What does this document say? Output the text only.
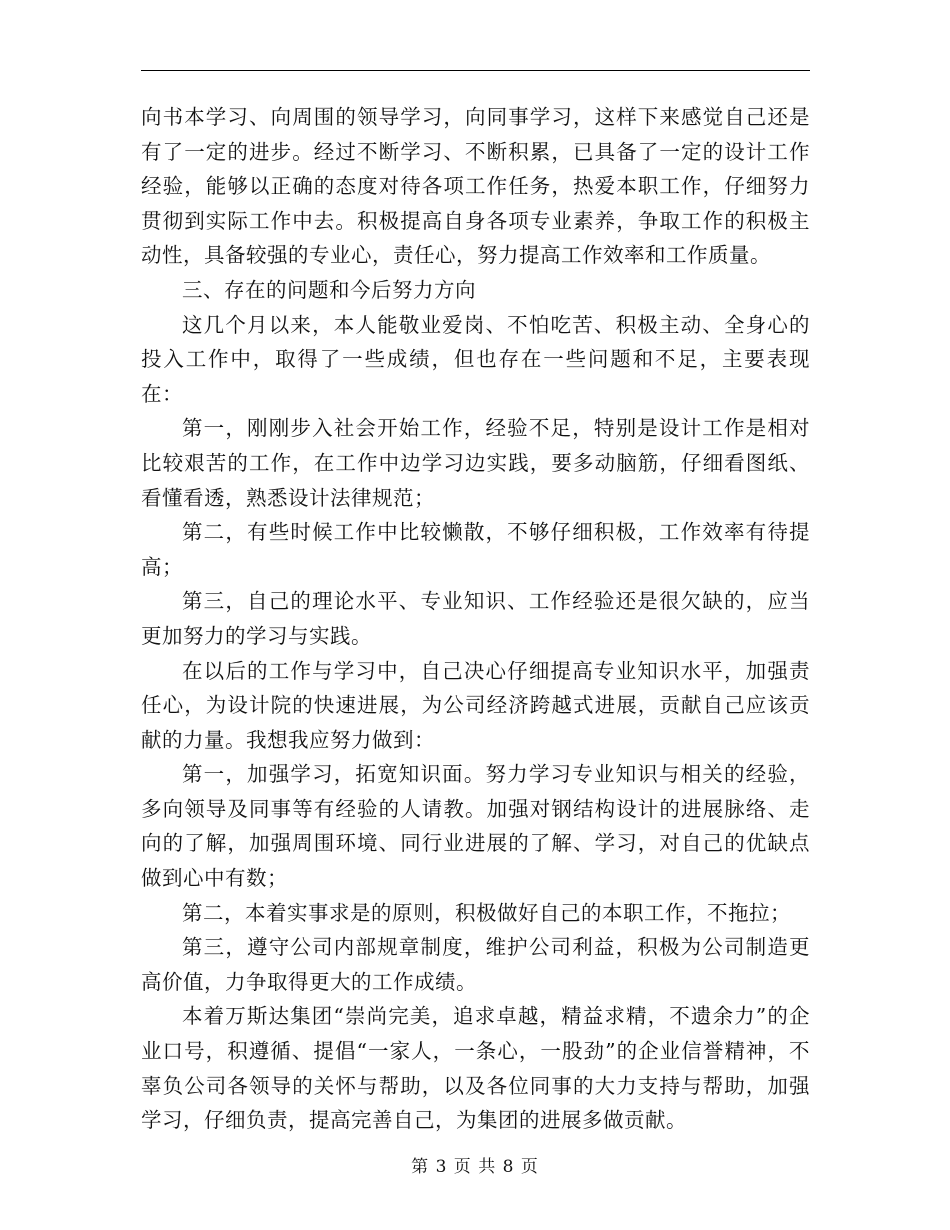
向书本学习、向周围的领导学习，向同事学习，这样下来感觉自己还是有了一定的进步。经过不断学习、不断积累，已具备了一定的设计工作经验，能够以正确的态度对待各项工作任务，热爱本职工作，仔细努力贯彻到实际工作中去。积极提高自身各项专业素养，争取工作的积极主动性，具备较强的专业心，责任心，努力提高工作效率和工作质量。

三、存在的问题和今后努力方向

这几个月以来，本人能敬业爱岗、不怕吃苦、积极主动、全身心的投入工作中，取得了一些成绩，但也存在一些问题和不足，主要表现在：

第一，刚刚步入社会开始工作，经验不足，特别是设计工作是相对比较艰苦的工作，在工作中边学习边实践，要多动脑筋，仔细看图纸、看懂看透，熟悉设计法律规范；

第二，有些时候工作中比较懒散，不够仔细积极，工作效率有待提高；

第三，自己的理论水平、专业知识、工作经验还是很欠缺的，应当更加努力的学习与实践。

在以后的工作与学习中，自己决心仔细提高专业知识水平，加强责任心，为设计院的快速进展，为公司经济跨越式进展，贡献自己应该贡献的力量。我想我应努力做到：

第一，加强学习，拓宽知识面。努力学习专业知识与相关的经验，多向领导及同事等有经验的人请教。加强对钢结构设计的进展脉络、走向的了解，加强周围环境、同行业进展的了解、学习，对自己的优缺点做到心中有数；

第二，本着实事求是的原则，积极做好自己的本职工作，不拖拉；

第三，遵守公司内部规章制度，维护公司利益，积极为公司制造更高价值，力争取得更大的工作成绩。

本着万斯达集团“崇尚完美，追求卓越，精益求精，不遗余力”的企业口号，积遵循、提倡“一家人，一条心，一股劲”的企业信誉精神，不辜负公司各领导的关怀与帮助，以及各位同事的大力支持与帮助，加强学习，仔细负责，提高完善自己，为集团的进展多做贡献。

第 3 页 共 8 页
